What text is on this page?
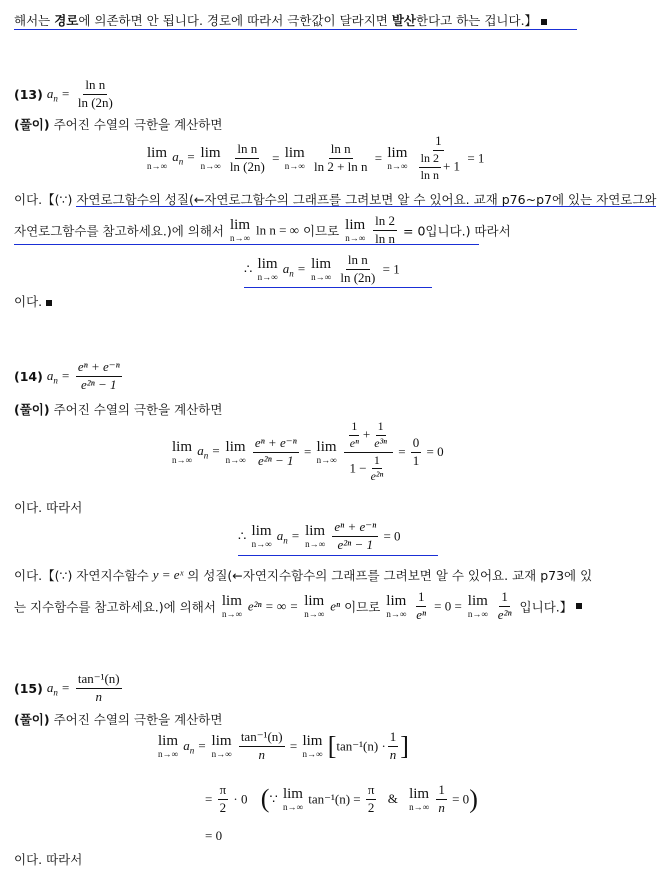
해서는 경로에 의존하면 안 됩니다. 경로에 따라서 극한값이 달라지면 발산한다고 하는 겁니다.】
(13) $a_n = \frac{\text{ln n}}{\ln (2n)}$
(풀이) 주어진 수열의 극한을 계산하면
lim
n→∞
$a_n = \lim$
n→∞
$\frac{\text{ln n}}{\ln (2n)} = \lim$
n→∞
$\frac{\text{ln n}}{\text{ln 2 + ln n}} = \lim$
n→∞
$\frac{1}{\frac{\ln 2}{\text{ln n}} + 1} = 1$
이다.【(∵) 자연로그함수의 성질(←자연로그함수의 그래프를 그려보면 알 수 있어요. 교재 p76~p7에 있는 자연로그와
자연로그함수를 참고하세요.)에 의해서 lim
n→∞
ln n = ∞ 이므로 lim
n→∞
$\frac{\ln 2}{\text{ln n}} = 0$입니다.) 따라서
∴ lim
n→∞
$a_n = \lim$
n→∞
$\frac{\text{ln n}}{\ln (2n)} = 1$
이다.
(14) $a_n = \frac{\text{eⁿ + e⁻ⁿ}}{\text{e²ⁿ − 1}}$
(풀이) 주어진 수열의 극한을 계산하면
lim
n→∞
$a_n = \lim$
n→∞
$\frac{\text{eⁿ + e⁻ⁿ}}{\text{e²ⁿ − 1}} = \lim$
n→∞
$\frac{\frac{1}{\text{eⁿ}} + \frac{1}{\text{e³ⁿ}}}{1 - \frac{1}{\text{e²ⁿ}}} = \frac{0}{1} = 0$
이다. 따라서
∴ lim
n→∞
$a_n = \lim$
n→∞
$\frac{\text{eⁿ + e⁻ⁿ}}{\text{e²ⁿ − 1}} = 0$
이다.【(∵) 자연지수함수 y = eˣ 의 성질(←자연지수함수의 그래프를 그려보면 알 수 있어요. 교재 p73에 있
는 지수함수를 참고하세요.)에 의해서 lim
n→∞
e²ⁿ = ∞ = lim
n→∞
eⁿ 이므로 lim
n→∞
$\frac{1}{\text{eⁿ}} = 0 = \lim$
n→∞
$\frac{1}{\text{e²ⁿ}}$ 입니다.】
(15) $a_n = \frac{\text{tan⁻¹(n)}}{n}$
(풀이) 주어진 수열의 극한을 계산하면
lim
n→∞
$a_n = \lim$
n→∞
$\frac{\text{tan⁻¹(n)}}{n} = \lim$
n→∞ [$\tan^{-1}(n) \cdot \frac{1}{n}$ ]
= $\frac{\pi}{2} \cdot 0$ (∵ lim
n→∞
$\tan^{-1}(n) = \frac{\pi}{2}$ & lim
n→∞
$\frac{1}{n} = 0$)
= 0
이다. 따라서
